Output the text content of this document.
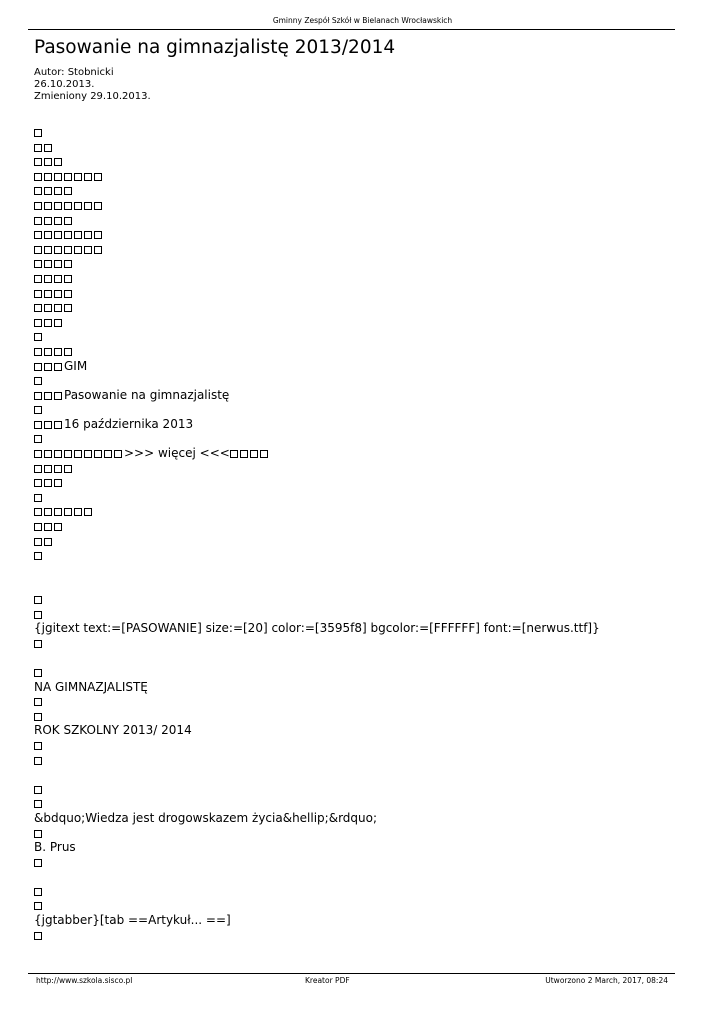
Gminny Zespół Szkół w Bielanach Wrocławskich
Pasowanie na gimnazjalistę 2013/2014
Autor: Stobnicki
26.10.2013.
Zmieniony 29.10.2013.
GIM
Pasowanie na gimnazjalistę
16 października 2013
>>> więcej <<<
{jgitext text:=[PASOWANIE] size:=[20] color:=[3595f8] bgcolor:=[FFFFFF] font:=[nerwus.ttf]}
NA GIMNAZJALISTĘ
ROK SZKOLNY 2013/ 2014
&bdquo;Wiedza jest drogowskazem życia&hellip;&rdquo;
B. Prus
{jgtabber}[tab ==Artykuł... ==]
http://www.szkola.sisco.pl	Kreator PDF	Utworzono 2 March, 2017, 08:24
